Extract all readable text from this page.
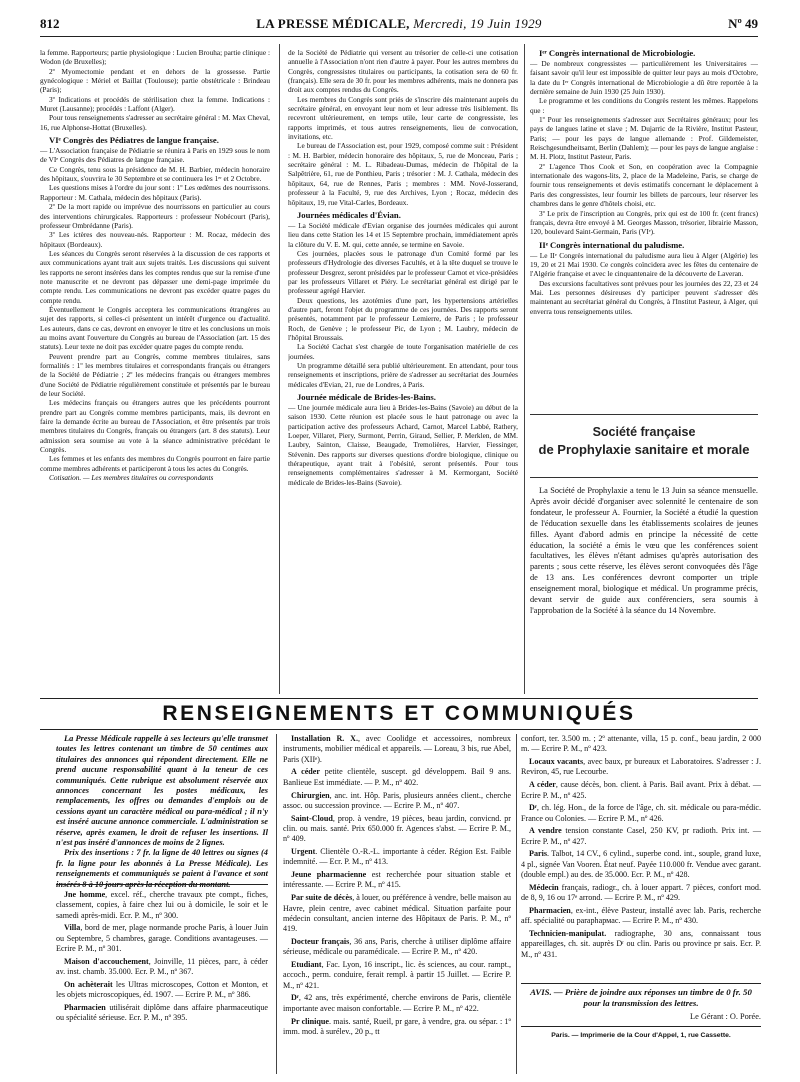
812	LA PRESSE MÉDICALE, Mercredi, 19 Juin 1929	Nº 49

la femme. Rapporteurs; partie physiologique : Lucien Brouha; partie clinique : Wodon (de Bruxelles);

2º Myomectomie pendant et en dehors de la grossesse. Partie gynécologique : Mériel et Baillat (Toulouse); partie obstétricale : Brindeau (Paris);

3º Indications et procédés de stérilisation chez la femme. Indications : Muret (Lausanne); procédés : Laffont (Alger).

Pour tous renseignements s'adresser au secrétaire général : M. Max Cheval, 16, rue Alphonse-Hottat (Bruxelles).

VIᵉ Congrès des Pédiatres de langue française.

— L'Association française de Pédiatrie se réunira à Paris en 1929 sous le nom de VIᵉ Congrès des Pédiatres de langue française.

Ce Congrès, tenu sous la présidence de M. H. Barbier, médecin honoraire des hôpitaux, s'ouvrira le 30 Septembre et se continuera les 1ᵉʳ et 2 Octobre.

Les questions mises à l'ordre du jour sont : 1º Les œdèmes des nourrissons. Rapporteur : M. Cathala, médecin des hôpitaux (Paris).

2º De la mort rapide ou imprévue des nourrissons en particulier au cours des interventions chirurgicales. Rapporteurs : professeur Nobécourt (Paris), professeur Ombrédanne (Paris).

3º Les ictères des nouveau-nés. Rapporteur : M. Rocaz, médecin des hôpitaux (Bordeaux).

Les séances du Congrès seront réservées à la discussion de ces rapports et aux communications ayant trait aux sujets traités. Les discussions qui suivent les rapports ne seront insérées dans les comptes rendus que sur la remise d'une note manuscrite et ne devront pas dépasser une demi-page imprimée du compte rendu. Les communications ne devront pas excéder quatre pages du compte rendu.

Éventuellement le Congrès acceptera les communications étrangères au sujet des rapports, si celles-ci présentent un intérêt d'urgence ou d'actualité. Les auteurs, dans ce cas, devront en envoyer le titre et les conclusions un mois au moins avant l'ouverture du Congrès au bureau de l'Association (art. 15 des statuts). Leur texte ne doit pas excéder quatre pages du compte rendu.

Peuvent prendre part au Congrès, comme membres titulaires, sans formalités : 1º les membres titulaires et correspondants français ou étrangers de la Société de Pédiatrie ; 2º les médecins français ou étrangers membres d'une Société de Pédiatrie régulièrement constituée et présentés par le bureau de leur Société.

Les médecins français ou étrangers autres que les précédents pourront prendre part au Congrès comme membres participants, mais, ils devront en faire la demande écrite au bureau de l'Association, et être présentés par trois membres titulaires du Congrès, français ou étrangers (art. 8 des statuts). Leur admission sera soumise au vote à la séance administrative précédant le Congrès.

Les femmes et les enfants des membres du Congrès pourront en faire partie comme membres adhérents et participeront à tous les actes du Congrès.

Cotisation. — Les membres titulaires ou correspondants

de la Société de Pédiatrie qui versent au trésorier de celle-ci une cotisation annuelle à l'Association n'ont rien d'autre à payer. Pour les autres membres du Congrès, congressistes titulaires ou participants, la cotisation sera de 60 fr. (français). Elle sera de 30 fr. pour les membres adhérents, mais ne donnera pas droit aux comptes rendus du Congrès.

Les membres du Congrès sont priés de s'inscrire dès maintenant auprès du secrétaire général, en envoyant leur nom et leur adresse très lisiblement. Ils recevront ultérieurement, en temps utile, leur carte de congressiste, les rapports imprimés, et tous autres renseignements, lieu de convocation, invitations, etc.

Le bureau de l'Association est, pour 1929, composé comme suit : Président : M. H. Barbier, médecin honoraire des hôpitaux, 5, rue de Monceau, Paris ; secrétaire général : M. L. Ribadeau-Dumas, médecin de l'hôpital de la Salpêtrière, 61, rue de Ponthieu, Paris ; trésorier : M. J. Cathala, médecin des hôpitaux, 64, rue de Rennes, Paris ; membres : MM. Nové-Josserand, professeur à la Faculté, 9, rue des Archives, Lyon ; Rocaz, médecin des hôpitaux, 19, rue Vital-Carles, Bordeaux.

Journées médicales d'Évian.

— La Société médicale d'Evian organise des journées médicales qui auront lieu dans cette Station les 14 et 15 Septembre prochain, immédiatement après la clôture du V. E. M. qui, cette année, se termine en Savoie.

Ces journées, placées sous le patronage d'un Comité formé par les professeurs d'Hydrologie des diverses Facultés, et à la tête duquel se trouve le professeur Desgrez, seront présidées par le professeur Carnot et vice-présidées par les professeurs Villaret et Piéry. Le secrétariat général est dirigé par le professeur agrégé Harvier.

Deux questions, les azotémies d'une part, les hypertensions artérielles d'autre part, feront l'objet du programme de ces journées. Des rapports seront présentés, notamment par le professeur Lemierre, de Paris ; le professeur Roch, de Genève ; le professeur Pic, de Lyon ; M. Laubry, médecin de l'hôpital Broussais.

La Société Cachat s'est chargée de toute l'organisation matérielle de ces journées.

Un programme détaillé sera publié ultérieurement. En attendant, pour tous renseignements et inscriptions, prière de s'adresser au secrétariat des Journées médicales d'Evian, 21, rue de Londres, à Paris.

Journée médicale de Brides-les-Bains.

— Une journée médicale aura lieu à Brides-les-Bains (Savoie) au début de la saison 1930. Cette réunion est placée sous le haut patronage ou avec la participation active des professeurs Achard, Carnot, Marcel Labbé, Rathery, Loeper, Villaret, Piery, Surmont, Perrin, Giraud, Sellier, P. Merklen, de MM. Laubry, Sainton, Claisse, Beaugade, Tremolières, Harvier, Fiessinger, Stévenin. Des rapports sur diverses questions d'ordre biologique, clinique ou thérapeutique, ayant trait à l'obésité, seront présentés. Pour tous renseignements complémentaires s'adresser à M. Kermorgant, Société médicale de Brides-les-Bains (Savoie).

Iᵉʳ Congrès international de Microbiologie.

— De nombreux congressistes — particulièrement les Universitaires — faisant savoir qu'il leur est impossible de quitter leur pays au mois d'Octobre, la date du Iᵉʳ Congrès international de Microbiologie a dû être reportée à la dernière semaine de Juin 1930 (25 Juin 1930).

Le programme et les conditions du Congrès restent les mêmes. Rappelons que :

1º Pour les renseignements s'adresser aux Secrétaires généraux; pour les pays de langues latine et slave ; M. Dujarric de la Rivière, Institut Pasteur, Paris; — pour les pays de langue allemande : Prof. Gildemeister, Reischgesundheitsamt, Berlin (Dahlem); — pour les pays de langue anglaise : M. H. Plotz, Institut Pasteur, Paris.

2º L'agence Thos Cook et Son, en coopération avec la Compagnie internationale des wagons-lits, 2, place de la Madeleine, Paris, se charge de fournir tous renseignements et devis estimatifs concernant le déplacement à Paris des congressistes, leur fournir les billets de parcours, leur réserver les chambres dans le genre d'hôtels choisi, etc.

3º Le prix de l'inscription au Congrès, prix qui est de 100 fr. (cent francs) français, devra être envoyé à M. Georges Masson, trésorier, librairie Masson, 120, boulevard Saint-Germain, Paris (VIᵉ).

IIᵉ Congrès international du paludisme.

— Le IIᵉ Congrès international du paludisme aura lieu à Alger (Algérie) les 19, 20 et 21 Mai 1930. Ce congrès coïncidera avec les fêtes du centenaire de l'Algérie française et avec le cinquantenaire de la découverte de Laveran.

Des excursions facultatives sont prévues pour les journées des 22, 23 et 24 Mai. Les personnes désireuses d'y participer peuvent s'adresser dès maintenant au secrétariat général du Congrès, à l'Institut Pasteur, à Alger, qui enverra tous renseignements utiles.

Société française
de Prophylaxie sanitaire et morale

La Société de Prophylaxie a tenu le 13 Juin sa séance mensuelle. Après avoir décidé d'organiser avec solennité le centenaire de son fondateur, le professeur A. Fournier, la Société a étudié la question de l'éducation sexuelle dans les établissements scolaires de jeunes filles. Ayant d'abord admis en principe la nécessité de cette éducation, la société a émis le vœu que les conférences soient facultatives, les élèves n'étant admises qu'après autorisation des parents ; sous cette réserve, les élèves seront convoquées dès l'âge de 13 ans. Les conférences devront comporter un triple enseignement moral, biologique et médical. Un programme précis, devant servir de guide aux conférenciers, sera soumis à l'approbation de la Société à la séance du 14 Novembre.

RENSEIGNEMENTS ET COMMUNIQUÉS

La Presse Médicale rappelle à ses lecteurs qu'elle transmet toutes les lettres contenant un timbre de 50 centimes aux titulaires des annonces qui répondent directement. Elle ne prend aucune responsabilité quant à la teneur de ces communiqués. Cette rubrique est absolument réservée aux annonces concernant les postes médicaux, les remplacements, les offres ou demandes d'emplois ou de cessions ayant un caractère médical ou para-médical ; il n'y est inséré aucune annonce commerciale. L'administration se réserve, après examen, le droit de refuser les insertions. Il n'est pas inséré d'annonces de moins de 2 lignes.

Prix des insertions : 7 fr. la ligne de 40 lettres ou signes (4 fr. la ligne pour les abonnés à La Presse Médicale). Les renseignements et communiqués se paient à l'avance et sont insérés 8 à 10 jours après la réception du montant.

Jne homme, excel. réf., cherche travaux pte compt., fiches, classement, copies, à faire chez lui ou à domicile, le soir et le samedi après-midi. Ecr. P. M., nº 300.

Villa, bord de mer, plage normande proche Paris, à louer Juin ou Septembre, 5 chambres, garage. Conditions avantageuses. — Ecrire P. M., nº 301.

Maison d'accouchement, Joinville, 11 pièces, parc, à céder av. inst. chamb. 35.000. Ecr. P. M., nº 367.

On achèterait les Ultras microscopes, Cotton et Monton, et les objets microscopiques, éd. 1907. — Ecrire P. M., nº 386.

Pharmacien utilisérait diplôme dans affaire pharmaceutique ou spécialité sérieuse. Ecr. P. M., nº 395.

Installation R. X., avec Coolidge et accessoires, nombreux instruments, mobilier médical et appareils. — Loreau, 3 bis, rue Abel, Paris (XIIᵉ).

A céder petite clientèle, suscept. gd développem. Bail 9 ans. Banlieue Est immédiate. — P. M., nº 402.

Chirurgien, anc. int. Hôp. Paris, plusieurs années client., cherche assoc. ou succession province. — Ecrire P. M., nº 407.

Saint-Cloud, prop. à vendre, 19 pièces, beau jardin, convicnd. pr clin. ou mais. santé. Prix 650.000 fr. Agences s'abst. — Ecrire P. M., nº 409.

Urgent. Clientèle O.-R.-L. importante à céder. Région Est. Faible indemnité. — Ecr. P. M., nº 413.

Jeune pharmacienne est recherchée pour situation stable et intéressante. — Ecrire P. M., nº 415.

Par suite de décès, à louer, ou préférence à vendre, belle maison au Havre, plein centre, avec cabinet médical. Situation parfaite pour médecin consultant, ancien interne des Hôpitaux de Paris. P. M., nº 419.

Docteur français, 36 ans, Paris, cherche à utiliser diplôme affaire sérieuse, médicale ou paramédicale. — Ecrire P. M., nº 420.

Etudiant, Fac. Lyon, 16 inscript., lic. ès sciences, au cour. rampt., accoch., perm. conduire, ferait rempl. à partir 15 Juillet. — Ecrire P. M., nº 421.

Dʳ, 42 ans, très expérimenté, cherche environs de Paris, clientèle importante avec maison confortable. — Ecrire P. M., nº 422.

Pr clinique. mais. santé, Rueil, pr gare, à vendre, gra. ou sépar. : 1º imm. mod. à surélev., 20 p., tt

confort, ter. 3.500 m. ; 2º attenante, villa, 15 p. conf., beau jardin, 2 000 m. — Ecrire P. M., nº 423.

Locaux vacants, avec baux, pr bureaux et Laboratoires. S'adresser : J. Reviron, 45, rue Lecourbe.

A céder, cause décès, bon. client. à Paris. Bail avant. Prix à débat. — Ecrire P. M., nº 425.

Dʳ, ch. lég. Hon., de la force de l'âge, ch. sit. médicale ou para-médic. France ou Colonies. — Ecrire P. M., nº 426.

A vendre tension constante Casel, 250 KV, pr radioth. Prix int. — Ecrire P. M., nº 427.

Paris. Talbot, 14 CV., 6 cylind., superbe cond. int., souple, grand luxe, 4 pl., signée Van Vooren. État neuf. Payée 110.000 fr. Vendue avec garant. (double empl.) au des. de 35.000. Ecr. P. M., nº 428.

Médecin français, radiogr., ch. à louer appart. 7 pièces, confort mod. de 8, 9, 16 ou 17ᵉ arrond. — Ecrire P. M., nº 429.

Pharmacien, ex-int., élève Pasteur, installé avec lab. Paris, recherche aff. spécialité ou paraphармac. — Ecrire P. M., nº 430.

Technicien-manipulat. radiographe, 30 ans, connaissant tous appareillages, ch. sit. auprès Dʳ ou clin. Paris ou province pr sais. Ecr. P. M., nº 431.

AVIS. — Prière de joindre aux réponses un timbre de 0 fr. 50 pour la transmission des lettres.
Le Gérant : O. Porée.
Paris. — Imprimerie de la Cour d'Appel, 1, rue Cassette.
